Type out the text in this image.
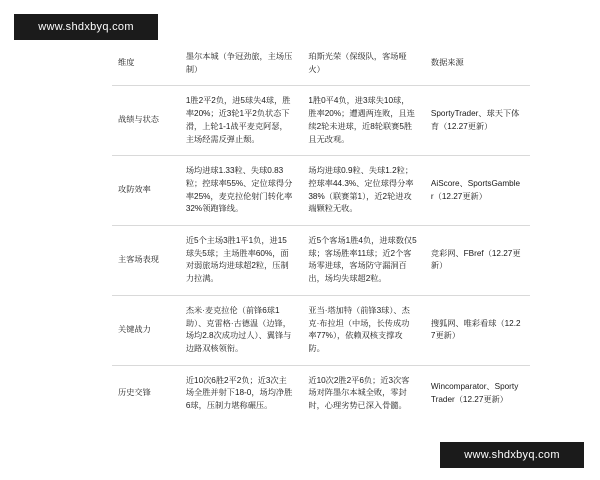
www.shdxbyq.com
维度	墨尔本城（争冠劲旅，主场压制）	珀斯光荣（保级队，客场哑火）	数据来源
战绩与状态	1胜2平2负，进5球失4球，胜率20%；近3轮1平2负状态下滑，上轮1-1战平麦克阿瑟，主场经需反弹止颓。	1胜0平4负，进3球失10球，胜率20%；遭遇两连败，且连续2轮未进球，近8轮联赛5胜且无改观。	SportyTrader、球天下体育（12.27更新）
攻防效率	场均进球1.33粒、失球0.83粒；控球率55%、定位球得分率25%，麦克拉伦射门转化率32%领跑锋线。	场均进球0.9粒、失球1.2粒；控球率44.3%、定位球得分率38%（联赛第1），近2轮进攻端颗粒无收。	AiScore、SportsGambler（12.27更新）
主客场表现	近5个主场3胜1平1负，进15球失5球；主场胜率60%，面对弱旅场均进球超2粒，压制力拉满。	近5个客场1胜4负，进球数仅5球；客场胜率11球；近2个客场零进球，客场防守漏洞百出，场均失球超2粒。	竞彩网、FBref（12.27更新）
关键战力	杰米·麦克拉伦（前锋6球1助）、克雷格·古德温（边锋，场均2.8次成功过人）、翼锋与边路双核领衔。	亚当·塔加特（前锋3球）、杰克·布拉坦（中场，长传成功率77%），依赖双核支撑攻防。	搜狐网、唯彩看球（12.27更新）
历史交锋	近10次6胜2平2负；近3次主场全胜并射下18-0，场均净胜6球，压制力堪称碾压。	近10次2胜2平6负；近3次客场对阵墨尔本城全败，零封时，心理劣势已深入骨髓。	Wincomparator、SportyTrader（12.27更新）
www.shdxbyq.com
